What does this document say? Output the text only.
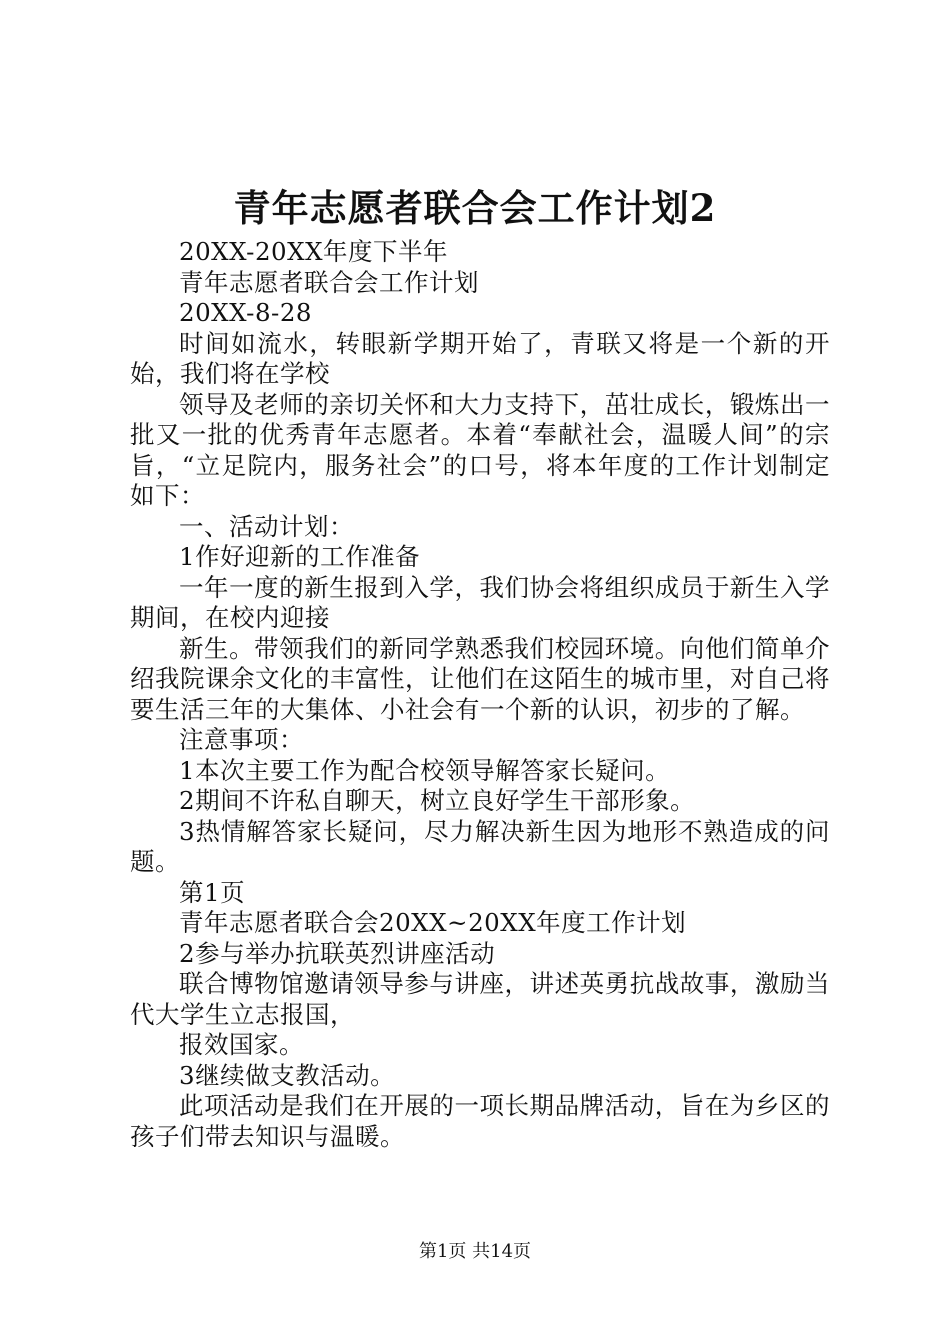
青年志愿者联合会工作计划2

20XX-20XX年度下半年

青年志愿者联合会工作计划

20XX-8-28

时间如流水，转眼新学期开始了，青联又将是一个新的开始，我们将在学校

领导及老师的亲切关怀和大力支持下，茁壮成长，锻炼出一批又一批的优秀青年志愿者。本着“奉献社会，温暖人间”的宗旨，“立足院内，服务社会”的口号，将本年度的工作计划制定如下：

一、活动计划：

1作好迎新的工作准备

一年一度的新生报到入学，我们协会将组织成员于新生入学期间，在校内迎接

新生。带领我们的新同学熟悉我们校园环境。向他们简单介绍我院课余文化的丰富性，让他们在这陌生的城市里，对自己将要生活三年的大集体、小社会有一个新的认识，初步的了解。

注意事项：

1本次主要工作为配合校领导解答家长疑问。

2期间不许私自聊天，树立良好学生干部形象。

3热情解答家长疑问，尽力解决新生因为地形不熟造成的问题。

第1页

青年志愿者联合会20XX~20XX年度工作计划

2参与举办抗联英烈讲座活动

联合博物馆邀请领导参与讲座，讲述英勇抗战故事，激励当代大学生立志报国，

报效国家。

3继续做支教活动。

此项活动是我们在开展的一项长期品牌活动，旨在为乡区的孩子们带去知识与温暖。

第1页 共14页
